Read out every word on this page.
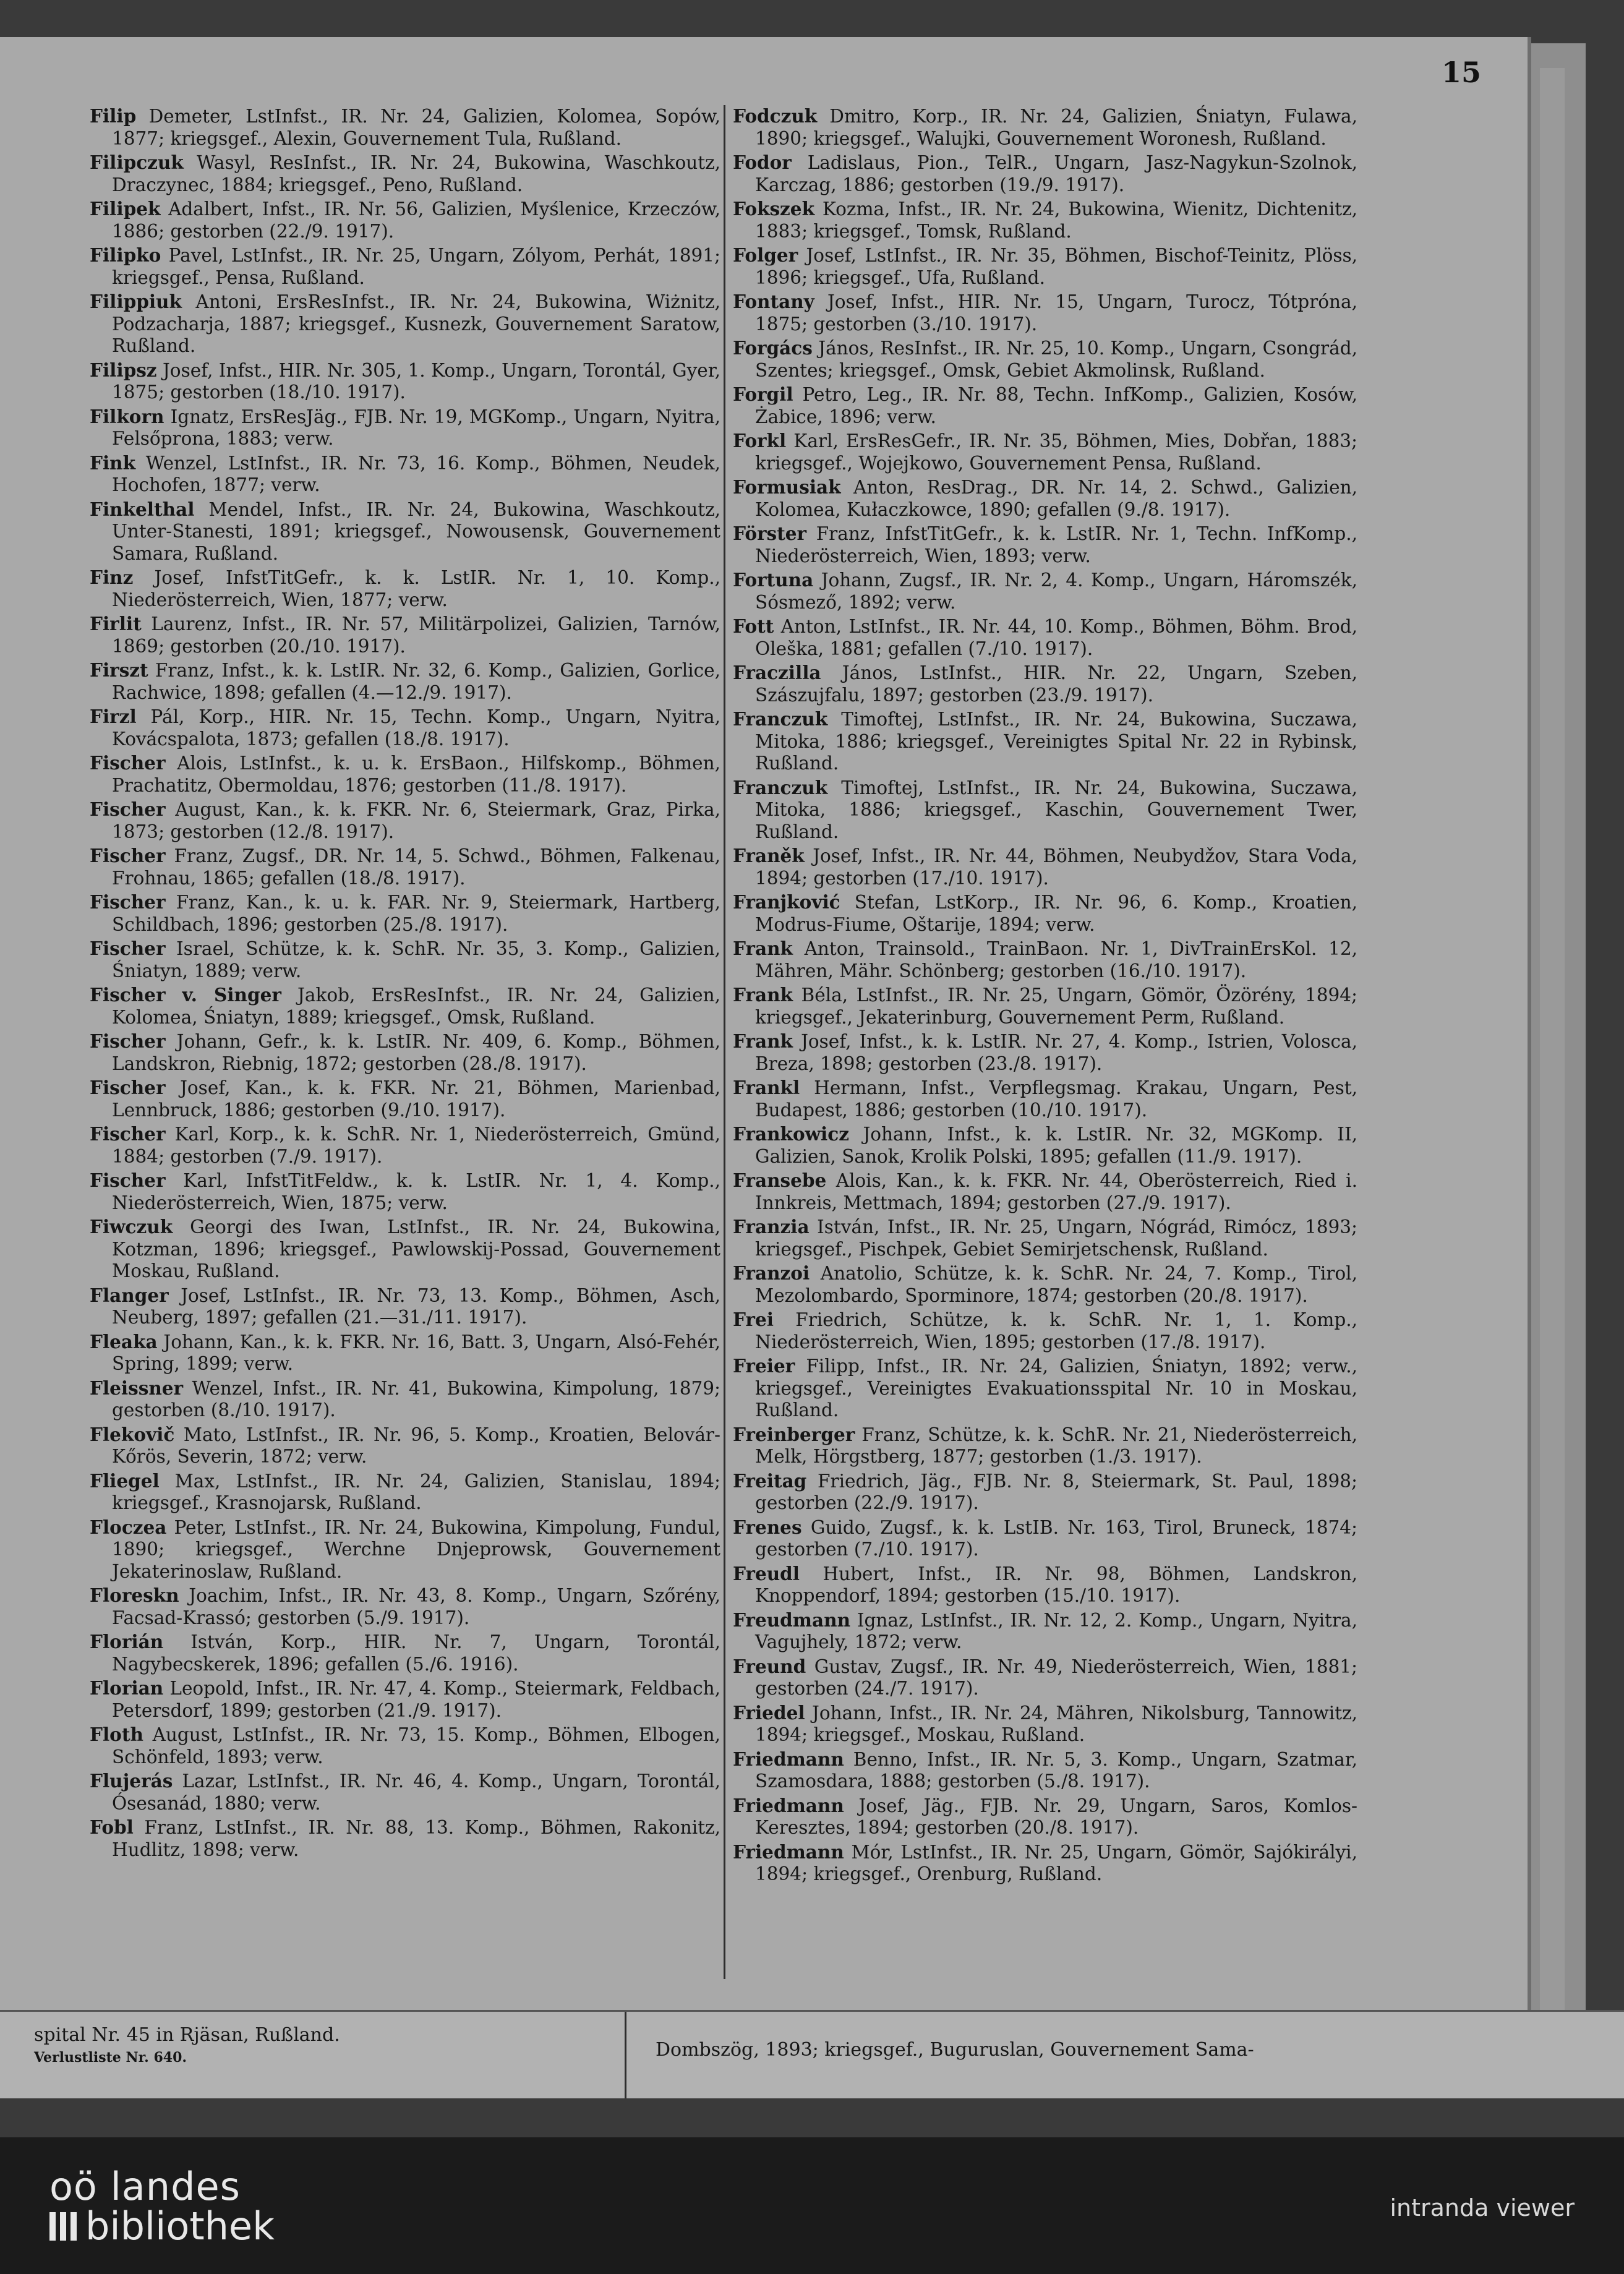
15

Filip Demeter, LstInfst., IR. Nr. 24, Galizien, Kolomea, Sopów, 1877; kriegsgef., Alexin, Gouvernement Tula, Rußland.

Filipczuk Wasyl, ResInfst., IR. Nr. 24, Bukowina, Waschkoutz, Draczynec, 1884; kriegsgef., Peno, Rußland.

Filipek Adalbert, Infst., IR. Nr. 56, Galizien, Myślenice, Krzeczów, 1886; gestorben (22./9. 1917).

Filipko Pavel, LstInfst., IR. Nr. 25, Ungarn, Zólyom, Perhát, 1891; kriegsgef., Pensa, Rußland.

Filippiuk Antoni, ErsResInfst., IR. Nr. 24, Bukowina, Wiżnitz, Podzacharja, 1887; kriegsgef., Kusnezk, Gouvernement Saratow, Rußland.

Filipsz Josef, Infst., HIR. Nr. 305, 1. Komp., Ungarn, Torontál, Gyer, 1875; gestorben (18./10. 1917).

Filkorn Ignatz, ErsResJäg., FJB. Nr. 19, MGKomp., Ungarn, Nyitra, Felsőprona, 1883; verw.

Fink Wenzel, LstInfst., IR. Nr. 73, 16. Komp., Böhmen, Neudek, Hochofen, 1877; verw.

Finkelthal Mendel, Infst., IR. Nr. 24, Bukowina, Waschkoutz, Unter-Stanesti, 1891; kriegsgef., Nowousensk, Gouvernement Samara, Rußland.

Finz Josef, InfstTitGefr., k. k. LstIR. Nr. 1, 10. Komp., Niederösterreich, Wien, 1877; verw.

Firlit Laurenz, Infst., IR. Nr. 57, Militärpolizei, Galizien, Tarnów, 1869; gestorben (20./10. 1917).

Firszt Franz, Infst., k. k. LstIR. Nr. 32, 6. Komp., Galizien, Gorlice, Rachwice, 1898; gefallen (4.—12./9. 1917).

Firzl Pál, Korp., HIR. Nr. 15, Techn. Komp., Ungarn, Nyitra, Kovácspalota, 1873; gefallen (18./8. 1917).

Fischer Alois, LstInfst., k. u. k. ErsBaon., Hilfskomp., Böhmen, Prachatitz, Obermoldau, 1876; gestorben (11./8. 1917).

Fischer August, Kan., k. k. FKR. Nr. 6, Steiermark, Graz, Pirka, 1873; gestorben (12./8. 1917).

Fischer Franz, Zugsf., DR. Nr. 14, 5. Schwd., Böhmen, Falkenau, Frohnau, 1865; gefallen (18./8. 1917).

Fischer Franz, Kan., k. u. k. FAR. Nr. 9, Steiermark, Hartberg, Schildbach, 1896; gestorben (25./8. 1917).

Fischer Israel, Schütze, k. k. SchR. Nr. 35, 3. Komp., Galizien, Śniatyn, 1889; verw.

Fischer v. Singer Jakob, ErsResInfst., IR. Nr. 24, Galizien, Kolomea, Śniatyn, 1889; kriegsgef., Omsk, Rußland.

Fischer Johann, Gefr., k. k. LstIR. Nr. 409, 6. Komp., Böhmen, Landskron, Riebnig, 1872; gestorben (28./8. 1917).

Fischer Josef, Kan., k. k. FKR. Nr. 21, Böhmen, Marienbad, Lennbruck, 1886; gestorben (9./10. 1917).

Fischer Karl, Korp., k. k. SchR. Nr. 1, Niederösterreich, Gmünd, 1884; gestorben (7./9. 1917).

Fischer Karl, InfstTitFeldw., k. k. LstIR. Nr. 1, 4. Komp., Niederösterreich, Wien, 1875; verw.

Fiwczuk Georgi des Iwan, LstInfst., IR. Nr. 24, Bukowina, Kotzman, 1896; kriegsgef., Pawlowskij-Possad, Gouvernement Moskau, Rußland.

Flanger Josef, LstInfst., IR. Nr. 73, 13. Komp., Böhmen, Asch, Neuberg, 1897; gefallen (21.—31./11. 1917).

Fleaka Johann, Kan., k. k. FKR. Nr. 16, Batt. 3, Ungarn, Alsó-Fehér, Spring, 1899; verw.

Fleissner Wenzel, Infst., IR. Nr. 41, Bukowina, Kimpolung, 1879; gestorben (8./10. 1917).

Flekovič Mato, LstInfst., IR. Nr. 96, 5. Komp., Kroatien, Belovár-Kőrös, Severin, 1872; verw.

Fliegel Max, LstInfst., IR. Nr. 24, Galizien, Stanislau, 1894; kriegsgef., Krasnojarsk, Rußland.

Floczea Peter, LstInfst., IR. Nr. 24, Bukowina, Kimpolung, Fundul, 1890; kriegsgef., Werchne Dnjeprowsk, Gouvernement Jekaterinoslaw, Rußland.

Floreskn Joachim, Infst., IR. Nr. 43, 8. Komp., Ungarn, Szőrény, Facsad-Krassó; gestorben (5./9. 1917).

Florián István, Korp., HIR. Nr. 7, Ungarn, Torontál, Nagybecskerek, 1896; gefallen (5./6. 1916).

Florian Leopold, Infst., IR. Nr. 47, 4. Komp., Steiermark, Feldbach, Petersdorf, 1899; gestorben (21./9. 1917).

Floth August, LstInfst., IR. Nr. 73, 15. Komp., Böhmen, Elbogen, Schönfeld, 1893; verw.

Flujerás Lazar, LstInfst., IR. Nr. 46, 4. Komp., Ungarn, Torontál, Ósesanád, 1880; verw.

Fobl Franz, LstInfst., IR. Nr. 88, 13. Komp., Böhmen, Rakonitz, Hudlitz, 1898; verw.

Fodczuk Dmitro, Korp., IR. Nr. 24, Galizien, Śniatyn, Fulawa, 1890; kriegsgef., Walujki, Gouvernement Woronesh, Rußland.

Fodor Ladislaus, Pion., TelR., Ungarn, Jasz-Nagykun-Szolnok, Karczag, 1886; gestorben (19./9. 1917).

Fokszek Kozma, Infst., IR. Nr. 24, Bukowina, Wienitz, Dichtenitz, 1883; kriegsgef., Tomsk, Rußland.

Folger Josef, LstInfst., IR. Nr. 35, Böhmen, Bischof-Teinitz, Plöss, 1896; kriegsgef., Ufa, Rußland.

Fontany Josef, Infst., HIR. Nr. 15, Ungarn, Turocz, Tótpróna, 1875; gestorben (3./10. 1917).

Forgács János, ResInfst., IR. Nr. 25, 10. Komp., Ungarn, Csongrád, Szentes; kriegsgef., Omsk, Gebiet Akmolinsk, Rußland.

Forgil Petro, Leg., IR. Nr. 88, Techn. InfKomp., Galizien, Kosów, Żabice, 1896; verw.

Forkl Karl, ErsResGefr., IR. Nr. 35, Böhmen, Mies, Dobřan, 1883; kriegsgef., Wojejkowo, Gouvernement Pensa, Rußland.

Formusiak Anton, ResDrag., DR. Nr. 14, 2. Schwd., Galizien, Kolomea, Kułaczkowce, 1890; gefallen (9./8. 1917).

Förster Franz, InfstTitGefr., k. k. LstIR. Nr. 1, Techn. InfKomp., Niederösterreich, Wien, 1893; verw.

Fortuna Johann, Zugsf., IR. Nr. 2, 4. Komp., Ungarn, Háromszék, Sósmező, 1892; verw.

Fott Anton, LstInfst., IR. Nr. 44, 10. Komp., Böhmen, Böhm. Brod, Oleška, 1881; gefallen (7./10. 1917).

Fraczilla János, LstInfst., HIR. Nr. 22, Ungarn, Szeben, Szászujfalu, 1897; gestorben (23./9. 1917).

Franczuk Timoftej, LstInfst., IR. Nr. 24, Bukowina, Suczawa, Mitoka, 1886; kriegsgef., Vereinigtes Spital Nr. 22 in Rybinsk, Rußland.

Franczuk Timoftej, LstInfst., IR. Nr. 24, Bukowina, Suczawa, Mitoka, 1886; kriegsgef., Kaschin, Gouvernement Twer, Rußland.

Franěk Josef, Infst., IR. Nr. 44, Böhmen, Neubydžov, Stara Voda, 1894; gestorben (17./10. 1917).

Franjković Stefan, LstKorp., IR. Nr. 96, 6. Komp., Kroatien, Modrus-Fiume, Oštarije, 1894; verw.

Frank Anton, Trainsold., TrainBaon. Nr. 1, DivTrainErsKol. 12, Mähren, Mähr. Schönberg; gestorben (16./10. 1917).

Frank Béla, LstInfst., IR. Nr. 25, Ungarn, Gömör, Özörény, 1894; kriegsgef., Jekaterinburg, Gouvernement Perm, Rußland.

Frank Josef, Infst., k. k. LstIR. Nr. 27, 4. Komp., Istrien, Volosca, Breza, 1898; gestorben (23./8. 1917).

Frankl Hermann, Infst., Verpflegsmag. Krakau, Ungarn, Pest, Budapest, 1886; gestorben (10./10. 1917).

Frankowicz Johann, Infst., k. k. LstIR. Nr. 32, MGKomp. II, Galizien, Sanok, Krolik Polski, 1895; gefallen (11./9. 1917).

Fransebe Alois, Kan., k. k. FKR. Nr. 44, Oberösterreich, Ried i. Innkreis, Mettmach, 1894; gestorben (27./9. 1917).

Franzia István, Infst., IR. Nr. 25, Ungarn, Nógrád, Rimócz, 1893; kriegsgef., Pischpek, Gebiet Semirjetschensk, Rußland.

Franzoi Anatolio, Schütze, k. k. SchR. Nr. 24, 7. Komp., Tirol, Mezolombardo, Sporminore, 1874; gestorben (20./8. 1917).

Frei Friedrich, Schütze, k. k. SchR. Nr. 1, 1. Komp., Niederösterreich, Wien, 1895; gestorben (17./8. 1917).

Freier Filipp, Infst., IR. Nr. 24, Galizien, Śniatyn, 1892; verw., kriegsgef., Vereinigtes Evakuationsspital Nr. 10 in Moskau, Rußland.

Freinberger Franz, Schütze, k. k. SchR. Nr. 21, Niederösterreich, Melk, Hörgstberg, 1877; gestorben (1./3. 1917).

Freitag Friedrich, Jäg., FJB. Nr. 8, Steiermark, St. Paul, 1898; gestorben (22./9. 1917).

Frenes Guido, Zugsf., k. k. LstIB. Nr. 163, Tirol, Bruneck, 1874; gestorben (7./10. 1917).

Freudl Hubert, Infst., IR. Nr. 98, Böhmen, Landskron, Knoppendorf, 1894; gestorben (15./10. 1917).

Freudmann Ignaz, LstInfst., IR. Nr. 12, 2. Komp., Ungarn, Nyitra, Vagujhely, 1872; verw.

Freund Gustav, Zugsf., IR. Nr. 49, Niederösterreich, Wien, 1881; gestorben (24./7. 1917).

Friedel Johann, Infst., IR. Nr. 24, Mähren, Nikolsburg, Tannowitz, 1894; kriegsgef., Moskau, Rußland.

Friedmann Benno, Infst., IR. Nr. 5, 3. Komp., Ungarn, Szatmar, Szamosdara, 1888; gestorben (5./8. 1917).

Friedmann Josef, Jäg., FJB. Nr. 29, Ungarn, Saros, Komlos-Keresztes, 1894; gestorben (20./8. 1917).

Friedmann Mór, LstInfst., IR. Nr. 25, Ungarn, Gömör, Sajókirályi, 1894; kriegsgef., Orenburg, Rußland.

spital Nr. 45 in Rjäsan, Rußland.
Verlustliste Nr. 640.	Dombszög, 1893; kriegsgef., Buguruslan, Gouvernement Sama-
oö landes
bibliothek	intranda viewer
